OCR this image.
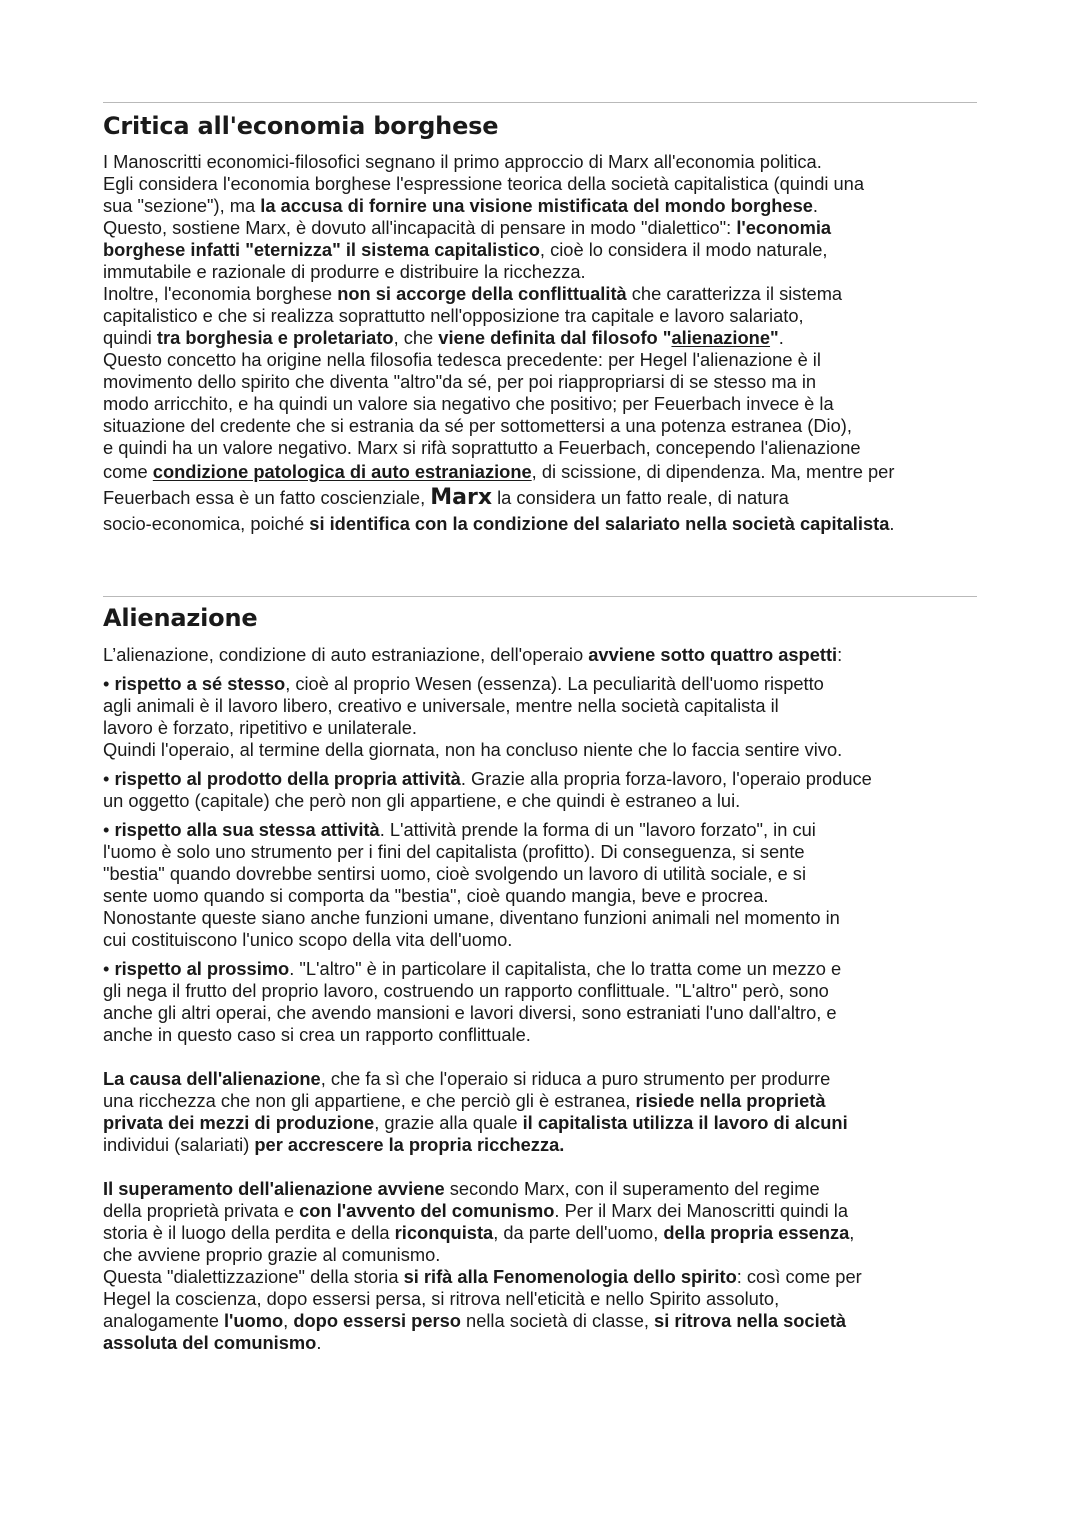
Critica all'economia borghese
I Manoscritti economici-filosofici segnano il primo approccio di Marx all'economia politica.
Egli considera l'economia borghese l'espressione teorica della società capitalistica (quindi una
sua "sezione"), ma la accusa di fornire una visione mistificata del mondo borghese.
Questo, sostiene Marx, è dovuto all'incapacità di pensare in modo "dialettico": l'economia
borghese infatti "eternizza" il sistema capitalistico, cioè lo considera il modo naturale,
immutabile e razionale di produrre e distribuire la ricchezza.
Inoltre, l'economia borghese non si accorge della conflittualità che caratterizza il sistema
capitalistico e che si realizza soprattutto nell'opposizione tra capitale e lavoro salariato,
quindi tra borghesia e proletariato, che viene definita dal filosofo "alienazione".
Questo concetto ha origine nella filosofia tedesca precedente: per Hegel l'alienazione è il
movimento dello spirito che diventa "altro"da sé, per poi riappropriarsi di se stesso ma in
modo arricchito, e ha quindi un valore sia negativo che positivo; per Feuerbach invece è la
situazione del credente che si estrania da sé per sottomettersi a una potenza estranea (Dio),
e quindi ha un valore negativo. Marx si rifà soprattutto a Feuerbach, concependo l'alienazione
come condizione patologica di auto estraniazione, di scissione, di dipendenza. Ma, mentre per
Feuerbach essa è un fatto coscienziale, Marx la considera un fatto reale, di natura
socio-economica, poiché si identifica con la condizione del salariato nella società capitalista.
Alienazione
L’alienazione, condizione di auto estraniazione, dell'operaio avviene sotto quattro aspetti:
• rispetto a sé stesso, cioè al proprio Wesen (essenza). La peculiarità dell'uomo rispetto
agli animali è il lavoro libero, creativo e universale, mentre nella società capitalista il
lavoro è forzato, ripetitivo e unilaterale.
Quindi l'operaio, al termine della giornata, non ha concluso niente che lo faccia sentire vivo.
• rispetto al prodotto della propria attività. Grazie alla propria forza-lavoro, l'operaio produce
un oggetto (capitale) che però non gli appartiene, e che quindi è estraneo a lui.
• rispetto alla sua stessa attività. L'attività prende la forma di un "lavoro forzato", in cui
l'uomo è solo uno strumento per i fini del capitalista (profitto). Di conseguenza, si sente
"bestia" quando dovrebbe sentirsi uomo, cioè svolgendo un lavoro di utilità sociale, e si
sente uomo quando si comporta da "bestia", cioè quando mangia, beve e procrea.
Nonostante queste siano anche funzioni umane, diventano funzioni animali nel momento in
cui costituiscono l'unico scopo della vita dell'uomo.
• rispetto al prossimo. "L'altro" è in particolare il capitalista, che lo tratta come un mezzo e
gli nega il frutto del proprio lavoro, costruendo un rapporto conflittuale. "L'altro" però, sono
anche gli altri operai, che avendo mansioni e lavori diversi, sono estraniati l'uno dall'altro, e
anche in questo caso si crea un rapporto conflittuale.
La causa dell'alienazione, che fa sì che l'operaio si riduca a puro strumento per produrre
una ricchezza che non gli appartiene, e che perciò gli è estranea, risiede nella proprietà
privata dei mezzi di produzione, grazie alla quale il capitalista utilizza il lavoro di alcuni
individui (salariati) per accrescere la propria ricchezza.
Il superamento dell'alienazione avviene secondo Marx, con il superamento del regime
della proprietà privata e con l'avvento del comunismo. Per il Marx dei Manoscritti quindi la
storia è il luogo della perdita e della riconquista, da parte dell'uomo, della propria essenza,
che avviene proprio grazie al comunismo.
Questa "dialettizzazione" della storia si rifà alla Fenomenologia dello spirito: così come per
Hegel la coscienza, dopo essersi persa, si ritrova nell'eticità e nello Spirito assoluto,
analogamente l'uomo, dopo essersi perso nella società di classe, si ritrova nella società
assoluta del comunismo.
